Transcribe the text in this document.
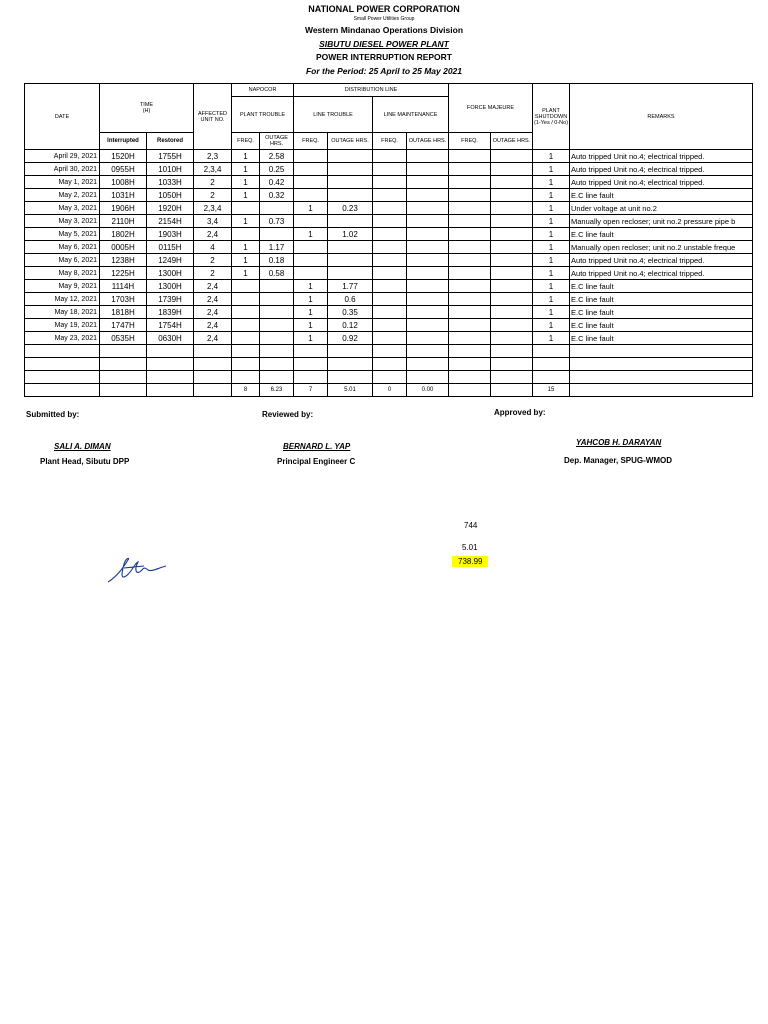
NATIONAL POWER CORPORATION
Small Power Utilities Group
Western Mindanao Operations Division
SIBUTU DIESEL POWER PLANT
POWER INTERRUPTION REPORT
For the Period: 25 April to 25 May 2021
DATE	TIME
(H)		AFFECTED UNIT NO.	NAPOCOR		DISTRIBUTION LINE				FORCE MAJEURE		PLANT SHUTDOWN (1-Yes / 0-No)	REMARKS
				PLANT TROUBLE		LINE TROUBLE		LINE MAINTENANCE					
	Interrupted	Restored		FREQ.	OUTAGE HRS.	FREQ.	OUTAGE HRS.	FREQ.	OUTAGE HRS.	FREQ.	OUTAGE HRS.		
April 29, 2021	1520H	1755H	2,3	1	2.58							1	Auto tripped Unit no.4; electrical tripped.
April 30, 2021	0955H	1010H	2,3,4	1	0.25							1	Auto tripped Unit no.4; electrical tripped.
May 1, 2021	1008H	1033H	2	1	0.42							1	Auto tripped Unit no.4; electrical tripped.
May 2, 2021	1031H	1050H	2	1	0.32							1	E.C line fault
May 3, 2021	1906H	1920H	2,3,4			1	0.23					1	Under voltage at unit no.2
May 3, 2021	2110H	2154H	3,4	1	0.73							1	Manually open recloser; unit no.2 pressure pipe b
May 5, 2021	1802H	1903H	2,4			1	1.02					1	E.C line fault
May 6, 2021	0005H	0115H	4	1	1.17							1	Manually open recloser; unit no.2 unstable freque
May 6, 2021	1238H	1249H	2	1	0.18							1	Auto tripped Unit no.4; electrical tripped.
May 8, 2021	1225H	1300H	2	1	0.58							1	Auto tripped Unit no.4; electrical tripped.
May 9, 2021	1114H	1300H	2,4			1	1.77					1	E.C line fault
May 12, 2021	1703H	1739H	2,4			1	0.6					1	E.C line fault
May 18, 2021	1818H	1839H	2,4			1	0.35					1	E.C line fault
May 19, 2021	1747H	1754H	2,4			1	0.12					1	E.C line fault
May 23, 2021	0535H	0630H	2,4			1	0.92					1	E.C line fault

				8	6.23	7	5.01	0	0.00			15	
Submitted by:	Reviewed by:	Approved by:
SALI A. DIMAN
Plant Head, Sibutu DPP
BERNARD L. YAP
Principal Engineer C
YAHCOB H. DARAYAN
Dep. Manager, SPUG-WMOD
744
5.01
738.99
